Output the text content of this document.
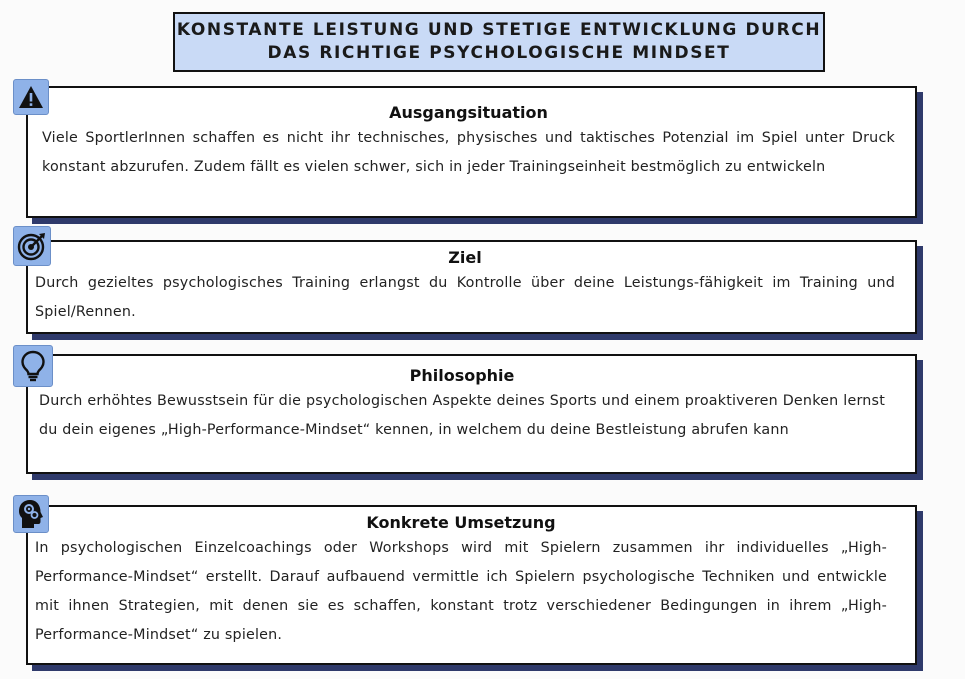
KONSTANTE LEISTUNG UND STETIGE ENTWICKLUNG DURCH
DAS RICHTIGE PSYCHOLOGISCHE MINDSET
Ausgangsituation

Viele SportlerInnen schaffen es nicht ihr technisches, physisches und taktisches Potenzial im Spiel unter Druck konstant abzurufen. Zudem fällt es vielen schwer, sich in jeder Trainingseinheit bestmöglich zu entwickeln

Ziel

Durch gezieltes psychologisches Training erlangst du Kontrolle über deine Leistungs-fähigkeit im Training und Spiel/Rennen.

Philosophie

Durch erhöhtes Bewusstsein für die psychologischen Aspekte deines Sports und einem proaktiveren Denken lernst du dein eigenes „High-Performance-Mindset“ kennen, in welchem du deine Bestleistung abrufen kann

Konkrete Umsetzung

In psychologischen Einzelcoachings oder Workshops wird mit Spielern zusammen ihr individuelles „High-Performance-Mindset“ erstellt. Darauf aufbauend vermittle ich Spielern psychologische Techniken und entwickle mit ihnen Strategien, mit denen sie es schaffen, konstant trotz verschiedener Bedingungen in ihrem „High-Performance-Mindset“ zu spielen.
